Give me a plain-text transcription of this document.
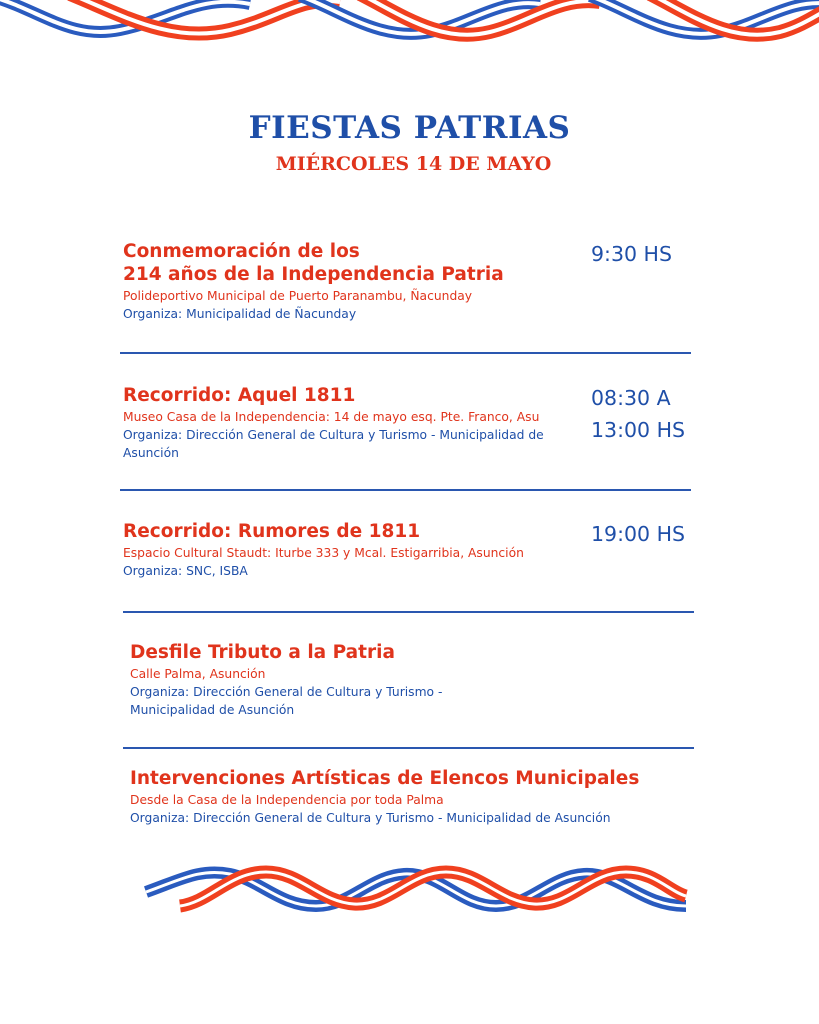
FIESTAS PATRIAS
MIÉRCOLES 14 DE MAYO
Conmemoración de los
214 años de la Independencia Patria
Polideportivo Municipal de Puerto Paranambu, Ñacunday
Organiza: Municipalidad de Ñacunday
9:30 HS
Recorrido: Aquel 1811
Museo Casa de la Independencia: 14 de mayo esq. Pte. Franco, Asu
Organiza: Dirección General de Cultura y Turismo - Municipalidad de Asunción
08:30 A
13:00 HS
Recorrido: Rumores de 1811
Espacio Cultural Staudt: Iturbe 333 y Mcal. Estigarribia, Asunción
Organiza: SNC, ISBA
19:00 HS
Desfile Tributo a la Patria
Calle Palma, Asunción
Organiza: Dirección General de Cultura y Turismo - Municipalidad de Asunción
Intervenciones Artísticas de Elencos Municipales
Desde la Casa de la Independencia por toda Palma
Organiza: Dirección General de Cultura y Turismo - Municipalidad de Asunción
